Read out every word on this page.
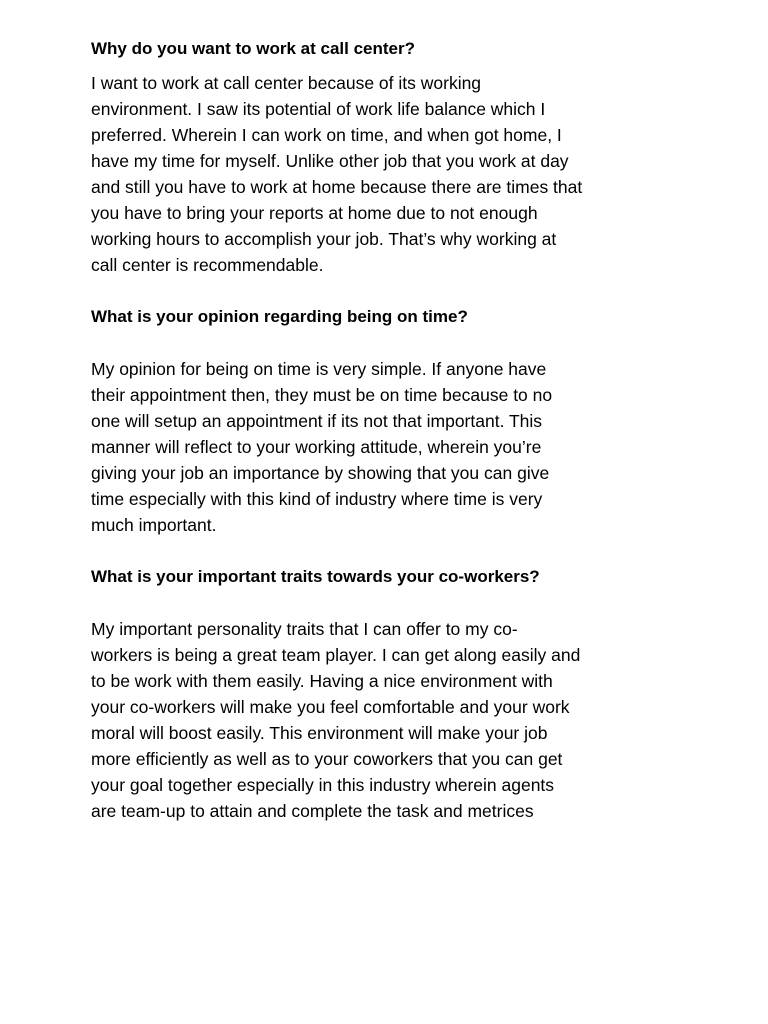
Why do you want to work at call center?

I want to work at call center because of its working
environment. I saw its potential of work life balance which I
preferred. Wherein I can work on time, and when got home, I
have my time for myself. Unlike other job that you work at day
and still you have to work at home because there are times that
you have to bring your reports at home due to not enough
working hours to accomplish your job. That’s why working at
call center is recommendable.

What is your opinion regarding being on time?

My opinion for being on time is very simple. If anyone have
their appointment then, they must be on time because to no
one will setup an appointment if its not that important. This
manner will reflect to your working attitude, wherein you’re
giving your job an importance by showing that you can give
time especially with this kind of industry where time is very
much important.

What is your important traits towards your co-workers?

My important personality traits that I can offer to my co-
workers is being a great team player. I can get along easily and
to be work with them easily. Having a nice environment with
your co-workers will make you feel comfortable and your work
moral will boost easily. This environment will make your job
more efficiently as well as to your coworkers that you can get
your goal together especially in this industry wherein agents
are team-up to attain and complete the task and metrices
